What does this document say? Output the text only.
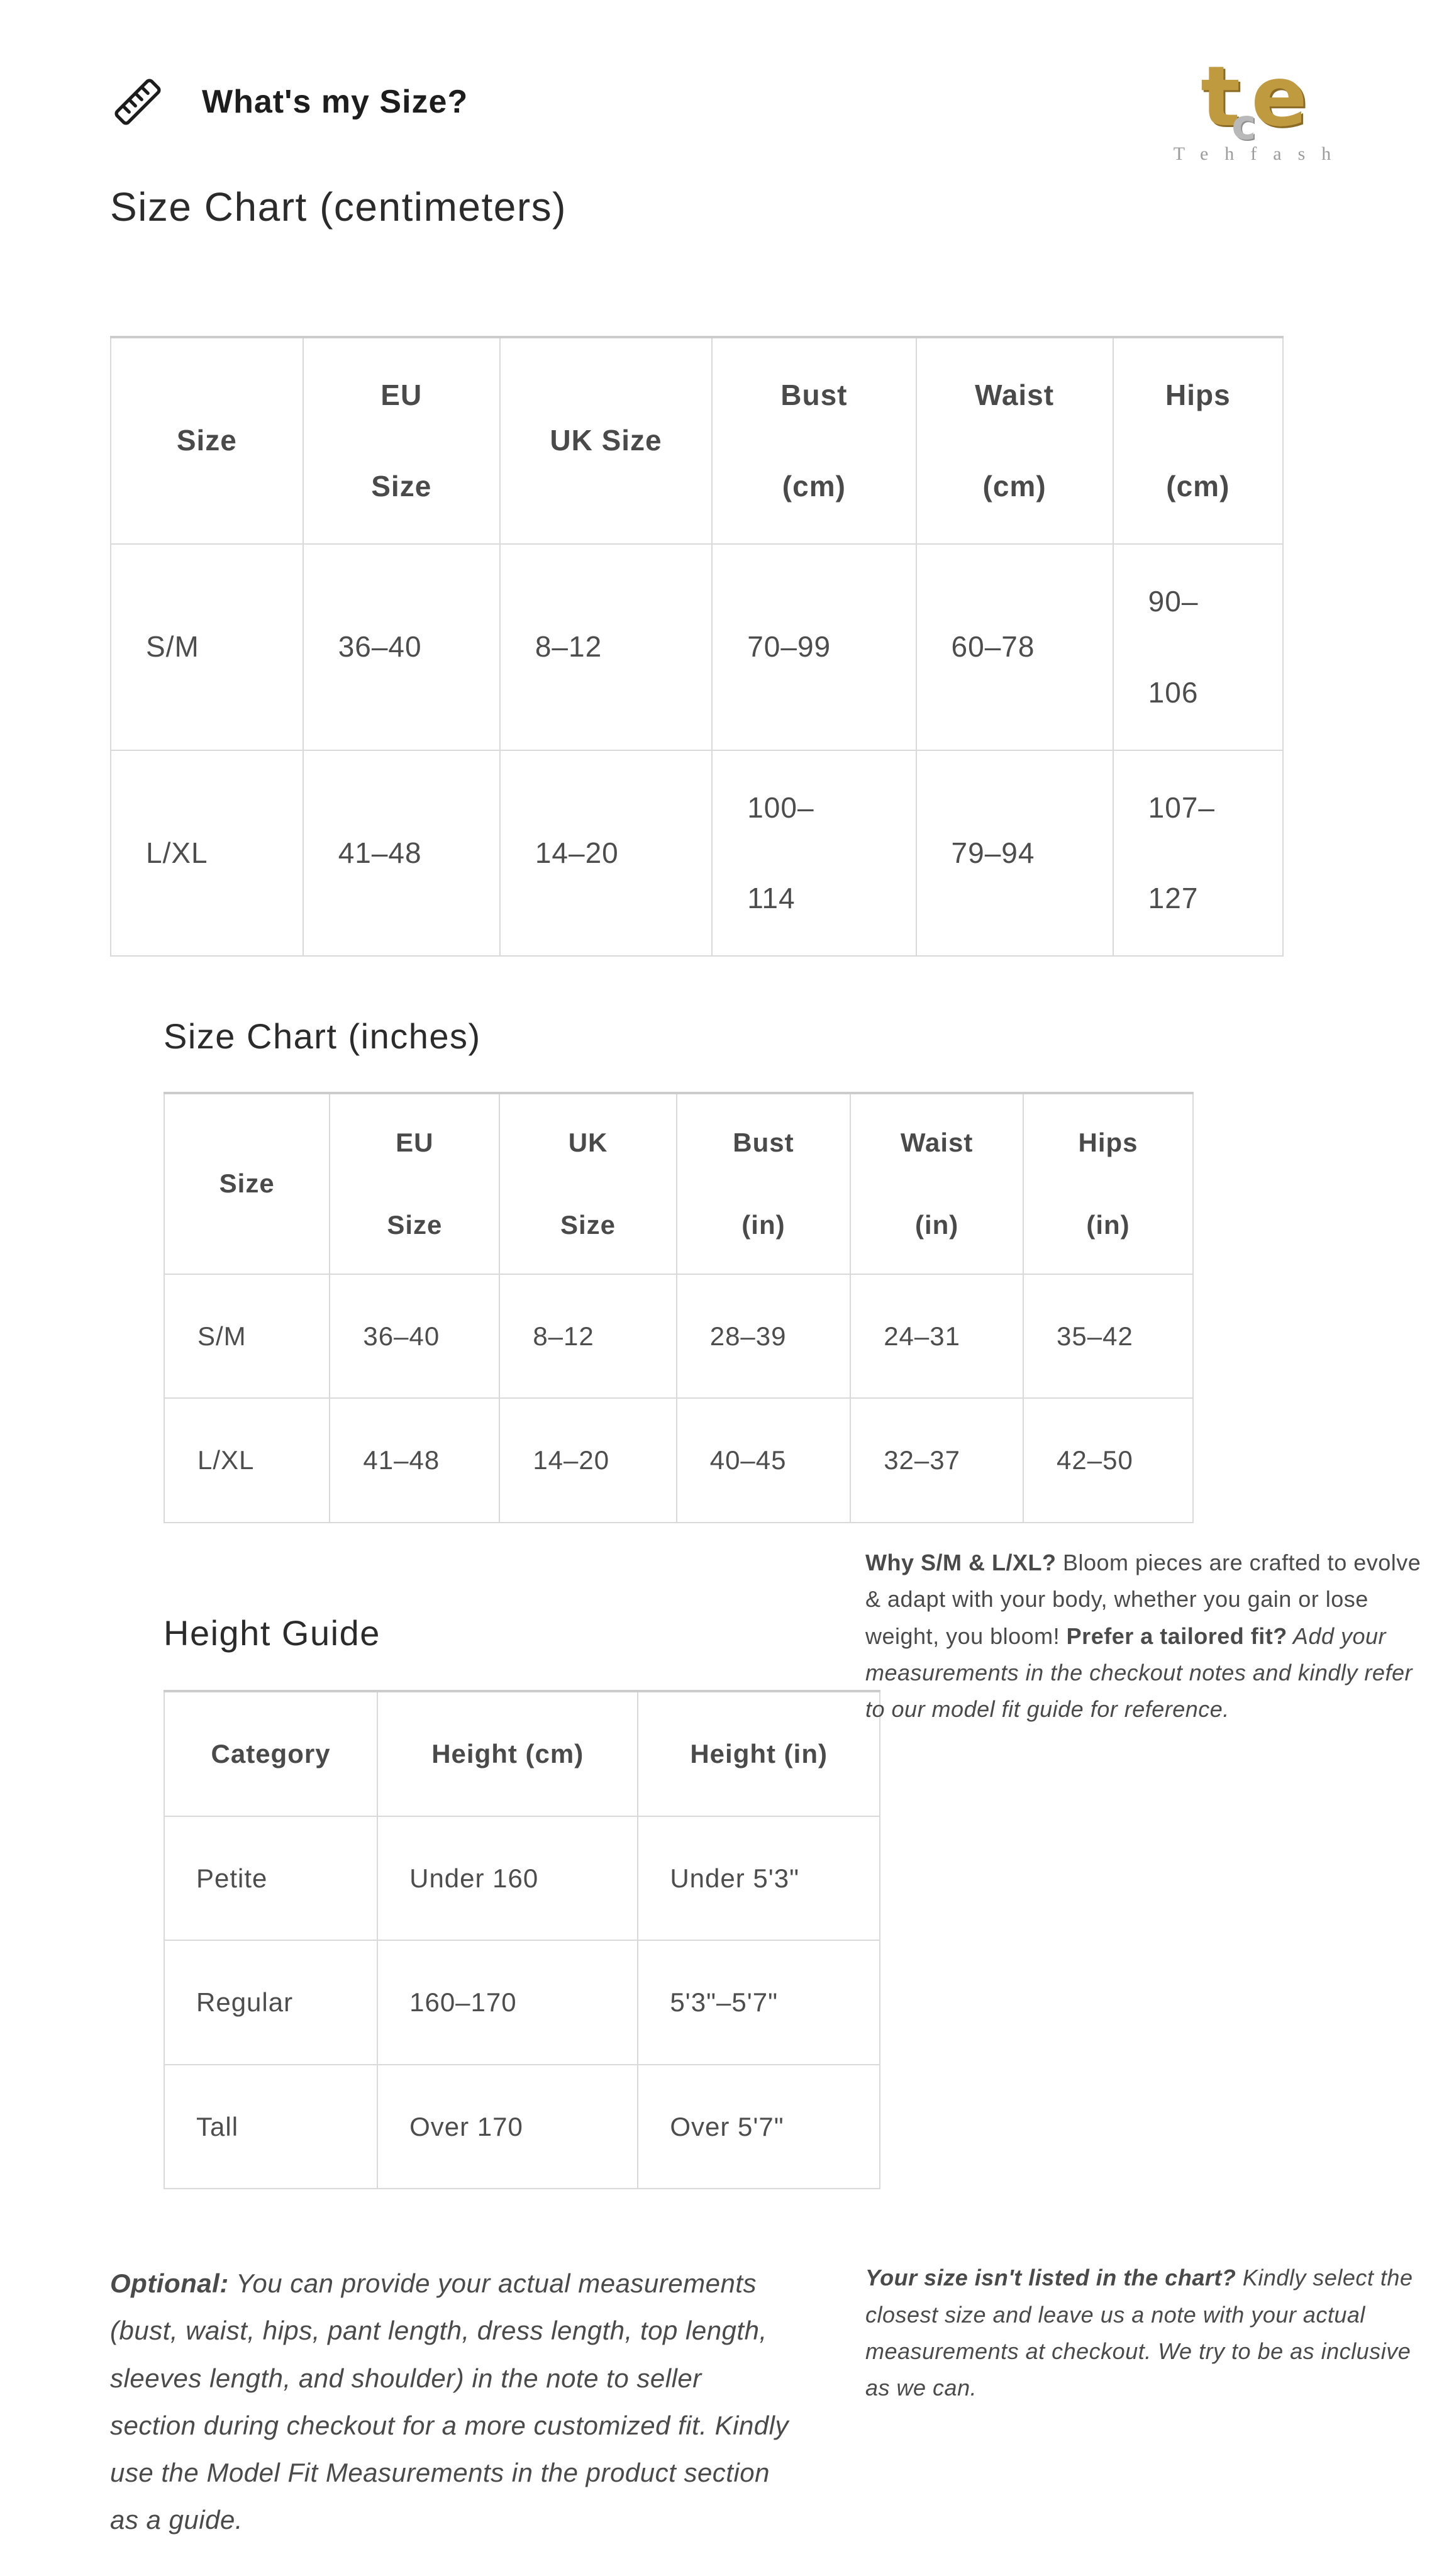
tce
Tehfash
What's my Size?
Size Chart (centimeters)
Size	EU Size	UK Size	Bust (cm)	Waist (cm)	Hips (cm)
S/M	36–40	8–12	70–99	60–78	90–106
L/XL	41–48	14–20	100–114	79–94	107–127
Size Chart (inches)
Size	EU Size	UK Size	Bust (in)	Waist (in)	Hips (in)
S/M	36–40	8–12	28–39	24–31	35–42
L/XL	41–48	14–20	40–45	32–37	42–50
Height Guide
Category	Height (cm)	Height (in)
Petite	Under 160	Under 5'3"
Regular	160–170	5'3"–5'7"
Tall	Over 170	Over 5'7"

Why S/M & L/XL? Bloom pieces are crafted to evolve & adapt with your body, whether you gain or lose weight, you bloom! Prefer a tailored fit? Add your measurements in the checkout notes and kindly refer to our model fit guide for reference.

Optional: You can provide your actual measurements (bust, waist, hips, pant length, dress length, top length, sleeves length, and shoulder) in the note to seller section during checkout for a more customized fit. Kindly use the Model Fit Measurements in the product section as a guide.

Your size isn't listed in the chart? Kindly select the closest size and leave us a note with your actual measurements at checkout. We try to be as inclusive as we can.
